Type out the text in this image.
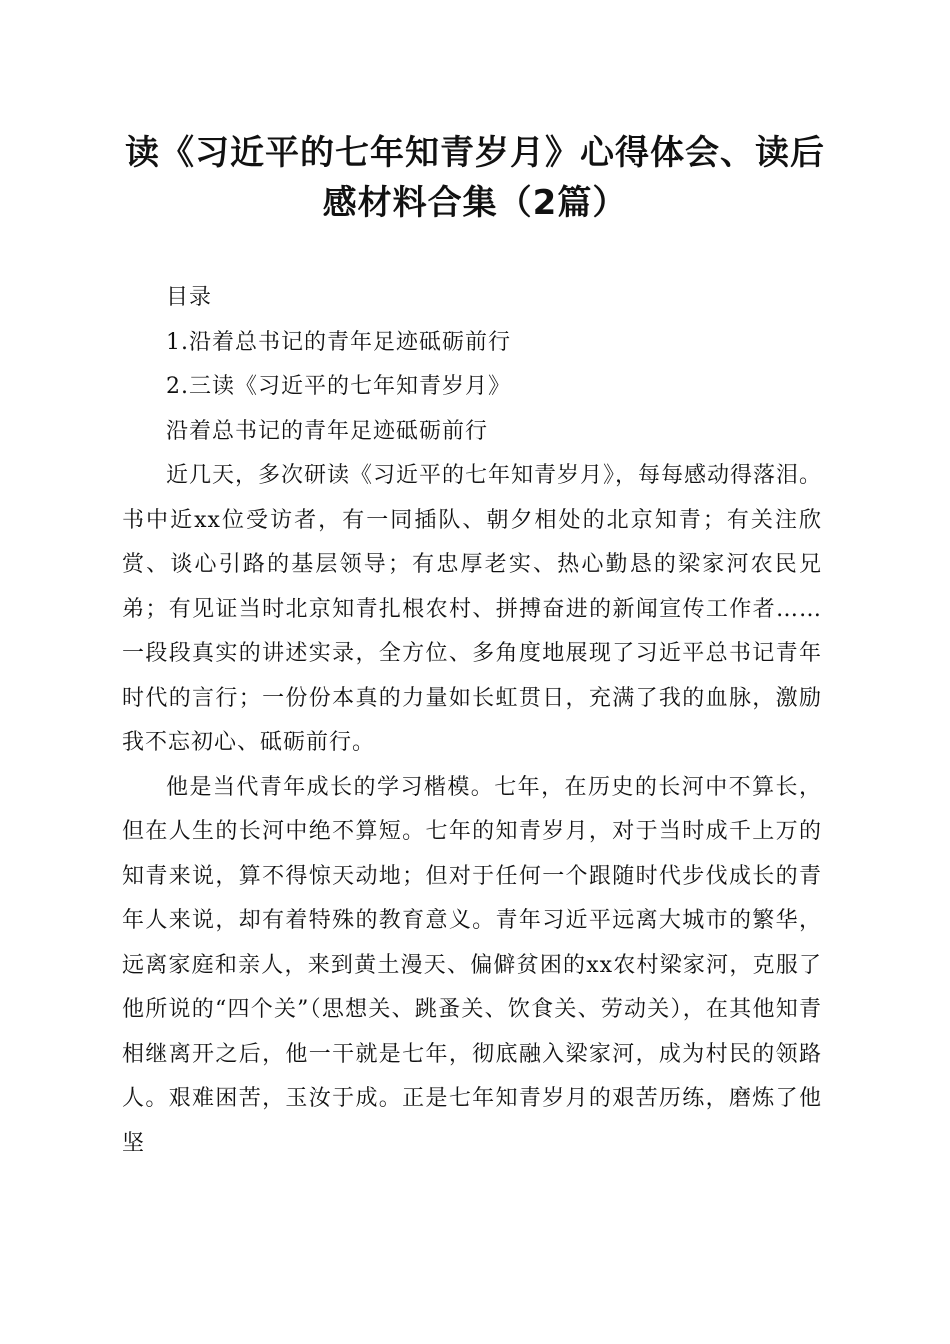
读《习近平的七年知青岁月》心得体会、读后
感材料合集（2篇）

目录

1.沿着总书记的青年足迹砥砺前行

2.三读《习近平的七年知青岁月》

沿着总书记的青年足迹砥砺前行

近几天，多次研读《习近平的七年知青岁月》，每每感动得落泪。书中近xx位受访者，有一同插队、朝夕相处的北京知青；有关注欣赏、谈心引路的基层领导；有忠厚老实、热心勤恳的梁家河农民兄弟；有见证当时北京知青扎根农村、拼搏奋进的新闻宣传工作者……一段段真实的讲述实录，全方位、多角度地展现了习近平总书记青年时代的言行；一份份本真的力量如长虹贯日，充满了我的血脉，激励我不忘初心、砥砺前行。

他是当代青年成长的学习楷模。七年，在历史的长河中不算长，但在人生的长河中绝不算短。七年的知青岁月，对于当时成千上万的知青来说，算不得惊天动地；但对于任何一个跟随时代步伐成长的青年人来说，却有着特殊的教育意义。青年习近平远离大城市的繁华，远离家庭和亲人，来到黄土漫天、偏僻贫困的xx农村梁家河，克服了他所说的“四个关”（思想关、跳蚤关、饮食关、劳动关），在其他知青相继离开之后，他一干就是七年，彻底融入梁家河，成为村民的领路人。艰难困苦，玉汝于成。正是七年知青岁月的艰苦历练，磨炼了他坚
